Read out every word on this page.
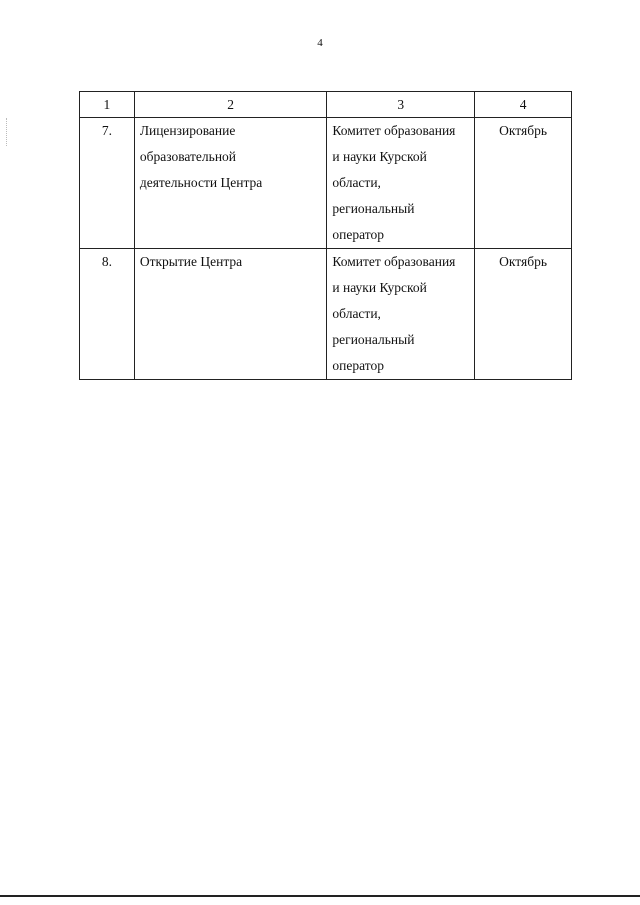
4
1	2	3	4
7.	Лицензирование
образовательной
деятельности Центра	Комитет образования
и науки Курской
области,
региональный
оператор	Октябрь
8.	Открытие Центра	Комитет образования
и науки Курской
области,
региональный
оператор	Октябрь
